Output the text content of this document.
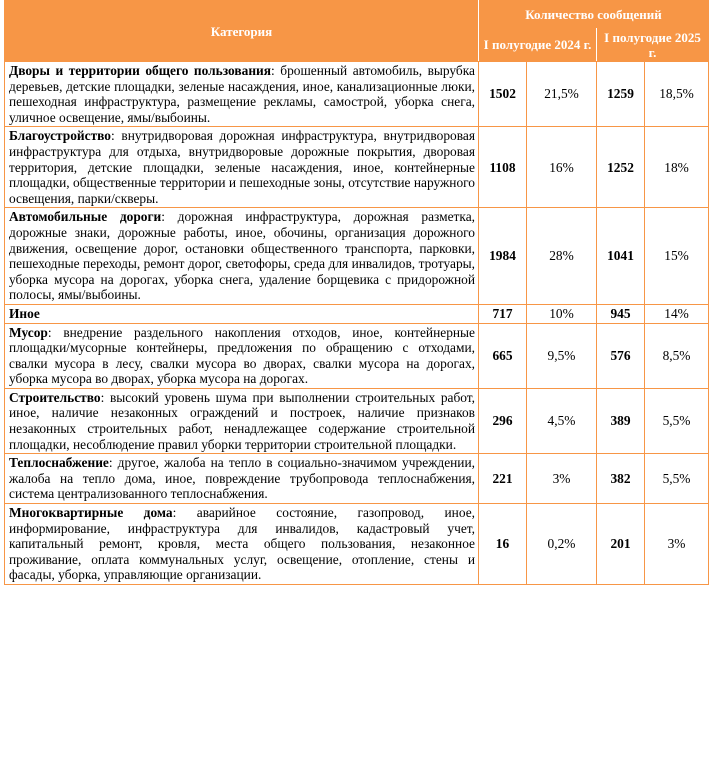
Категория	Количество сообщений			
	I полугодие 2024 г.		I полугодие 2025 г.	
Дворы и территории общего пользования: брошенный автомобиль, вырубка деревьев, детские площадки, зеленые насаждения, иное, канализационные люки, пешеходная инфраструктура, размещение рекламы, самострой, уборка снега, уличное освещение, ямы/выбоины.	1502	21,5%	1259	18,5%
Благоустройство: внутридворовая дорожная инфраструктура, внутридворовая инфраструктура для отдыха, внутридворовые дорожные покрытия, дворовая территория, детские площадки, зеленые насаждения, иное, контейнерные площадки, общественные территории и пешеходные зоны, отсутствие наружного освещения, парки/скверы.	1108	16%	1252	18%
Автомобильные дороги: дорожная инфраструктура, дорожная разметка, дорожные знаки, дорожные работы, иное, обочины, организация дорожного движения, освещение дорог, остановки общественного транспорта, парковки, пешеходные переходы, ремонт дорог, светофоры, среда для инвалидов, тротуары, уборка мусора на дорогах, уборка снега, удаление борщевика с придорожной полосы, ямы/выбоины.	1984	28%	1041	15%
Иное	717	10%	945	14%
Мусор: внедрение раздельного накопления отходов, иное, контейнерные площадки/мусорные контейнеры, предложения по обращению с отходами, свалки мусора в лесу, свалки мусора во дворах, свалки мусора на дорогах, уборка мусора во дворах, уборка мусора на дорогах.	665	9,5%	576	8,5%
Строительство: высокий уровень шума при выполнении строительных работ, иное, наличие незаконных ограждений и построек, наличие признаков незаконных строительных работ, ненадлежащее содержание строительной площадки, несоблюдение правил уборки территории строительной площадки.	296	4,5%	389	5,5%
Теплоснабжение: другое, жалоба на тепло в социально-значимом учреждении, жалоба на тепло дома, иное, повреждение трубопровода теплоснабжения, система централизованного теплоснабжения.	221	3%	382	5,5%
Многоквартирные дома: аварийное состояние, газопровод, иное, информирование, инфраструктура для инвалидов, кадастровый учет, капитальный ремонт, кровля, места общего пользования, незаконное проживание, оплата коммунальных услуг, освещение, отопление, стены и фасады, уборка, управляющие организации.	16	0,2%	201	3%
